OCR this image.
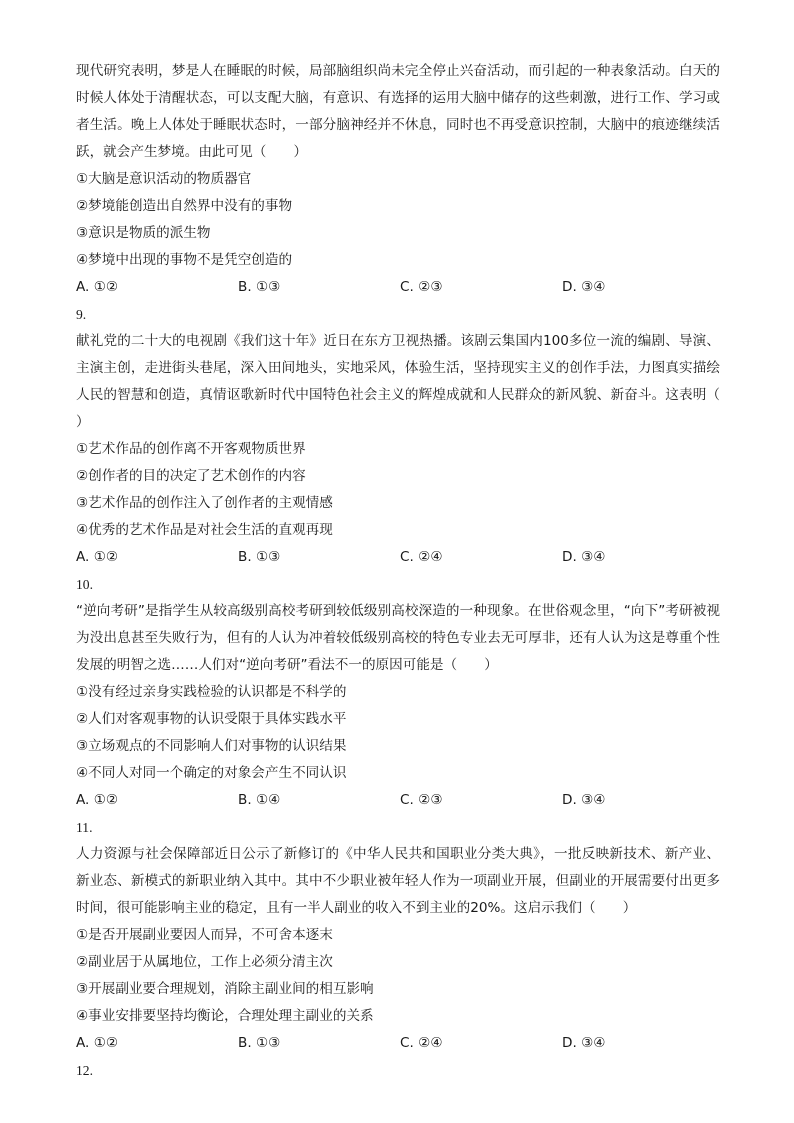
现代研究表明，梦是人在睡眠的时候，局部脑组织尚未完全停止兴奋活动，而引起的一种表象活动。白天的时候人体处于清醒状态，可以支配大脑，有意识、有选择的运用大脑中储存的这些刺激，进行工作、学习或者生活。晚上人体处于睡眠状态时，一部分脑神经并不休息，同时也不再受意识控制，大脑中的痕迹继续活跃，就会产生梦境。由此可见（　　）

①大脑是意识活动的物质器官

②梦境能创造出自然界中没有的事物

③意识是物质的派生物

④梦境中出现的事物不是凭空创造的

A. ①②	B. ①③	C. ②③	D. ③④

9.

献礼党的二十大的电视剧《我们这十年》近日在东方卫视热播。该剧云集国内100多位一流的编剧、导演、主演主创，走进街头巷尾，深入田间地头，实地采风，体验生活，坚持现实主义的创作手法，力图真实描绘人民的智慧和创造，真情讴歌新时代中国特色社会主义的辉煌成就和人民群众的新风貌、新奋斗。这表明（　　）

①艺术作品的创作离不开客观物质世界

②创作者的目的决定了艺术创作的内容

③艺术作品的创作注入了创作者的主观情感

④优秀的艺术作品是对社会生活的直观再现

A. ①②	B. ①③	C. ②④	D. ③④

10.

“逆向考研”是指学生从较高级别高校考研到较低级别高校深造的一种现象。在世俗观念里，“向下”考研被视为没出息甚至失败行为，但有的人认为冲着较低级别高校的特色专业去无可厚非，还有人认为这是尊重个性发展的明智之选……人们对“逆向考研”看法不一的原因可能是（　　）

①没有经过亲身实践检验的认识都是不科学的

②人们对客观事物的认识受限于具体实践水平

③立场观点的不同影响人们对事物的认识结果

④不同人对同一个确定的对象会产生不同认识

A. ①②	B. ①④	C. ②③	D. ③④

11.

人力资源与社会保障部近日公示了新修订的《中华人民共和国职业分类大典》，一批反映新技术、新产业、新业态、新模式的新职业纳入其中。其中不少职业被年轻人作为一项副业开展，但副业的开展需要付出更多时间，很可能影响主业的稳定，且有一半人副业的收入不到主业的20%。这启示我们（　　）

①是否开展副业要因人而异，不可舍本逐末

②副业居于从属地位，工作上必须分清主次

③开展副业要合理规划，消除主副业间的相互影响

④事业安排要坚持均衡论，合理处理主副业的关系

A. ①②	B. ①③	C. ②④	D. ③④

12.
